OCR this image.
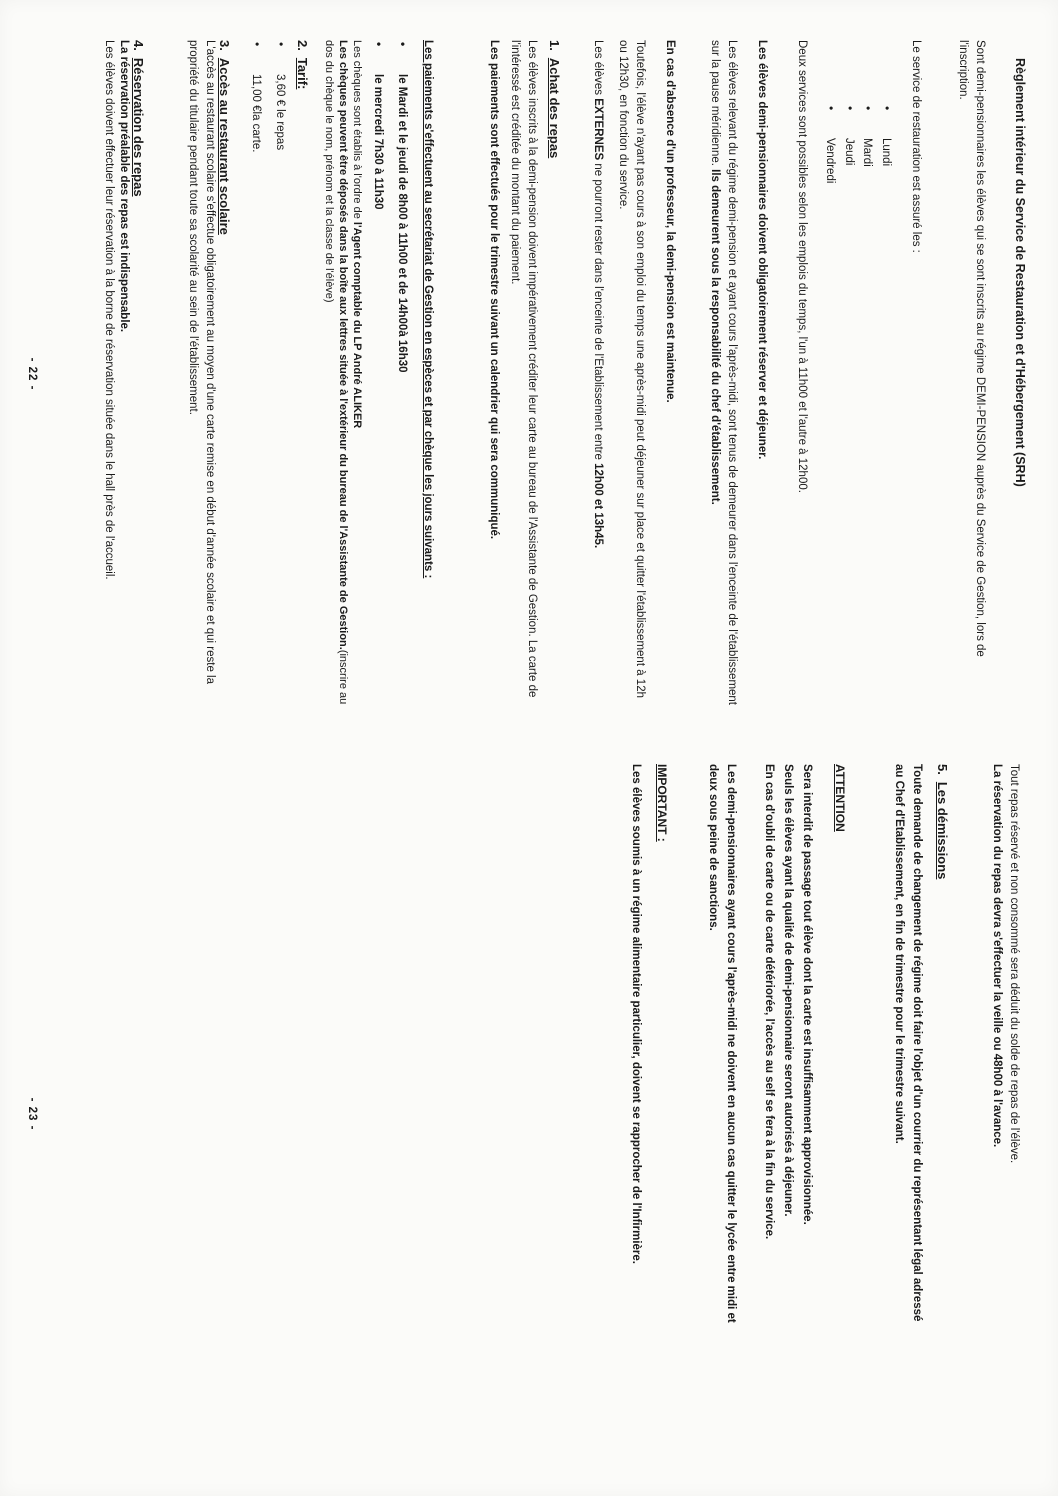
Règlement intérieur du Service de Restauration et d'Hébergement (SRH)

Sont demi-pensionnaires les élèves qui se sont inscrits au régime DEMI-PENSION auprès du Service de Gestion, lors de l'inscription.

Le service de restauration est assuré les :

•
Lundi
•
Mardi
•
Jeudi
•
Vendredi

Deux services sont possibles selon les emplois du temps, l'un à 11h00 et l'autre à 12h00.

Les élèves demi-pensionnaires doivent obligatoirement réserver et déjeuner.

Les élèves relevant du régime demi-pension et ayant cours l'après-midi, sont tenus de demeurer dans l'enceinte de l'établissement sur la pause méridienne. Ils demeurent sous la responsabilité du chef d'établissement.

En cas d'absence d'un professeur, la demi-pension est maintenue.

Toutefois, l'élève n'ayant pas cours à son emploi du temps une après-midi peut déjeuner sur place et quitter l'établissement à 12h ou 12h30, en fonction du service.

Les élèves EXTERNES ne pourront rester dans l'enceinte de l'Etablissement entre 12h00 et 13h45.

1.Achat des repas

Les élèves inscrits à la demi-pension doivent impérativement créditer leur carte au bureau de l'Assistante de Gestion. La carte de l'intéressé est créditée du montant du paiement.

Les paiements sont effectués pour le trimestre suivant un calendrier qui sera communiqué.

Les paiements s'effectuent au secrétariat de Gestion en espèces et par chèque les jours suivants :

•
le Mardi et le jeudi de 8h00 à 11h00 et de 14h00à 16h30
•
le mercredi 7h30 à 11h30

Les chèques sont établis à l'ordre de l'Agent comptable du LP André ALIKER
Les chèques peuvent être déposés dans la boîte aux lettres située à l'extérieur du bureau de l'Assistante de Gestion.(inscrire au dos du chèque le nom, prénom et la classe de l'élève)

2.Tarif:
•
3,60 € le repas
•
11,00 €la carte.
3.Accès au restaurant scolaire

L'accès au restaurant scolaire s'effectue obligatoirement au moyen d'une carte remise en début d'année scolaire et qui reste la propriété du titulaire pendant toute sa scolarité au sein de l'établissement.

4.Réservation des repas

La réservation préalable des repas est indispensable.

Les élèves doivent effectuer leur réservation à la borne de réservation située dans le hall près de l'accueil.

- 22 -

Tout repas réservé et non consommé sera déduit du solde de repas de l'élève.

La réservation du repas devra s'effectuer la veille ou 48h00 à l'avance.

5.Les démissions

Toute demande de changement de régime doit faire l'objet d'un courrier du représentant légal adressé
au Chef d'Etablissement, en fin de trimestre pour le trimestre suivant.

ATTENTION

Sera interdit de passage tout élève dont la carte est insuffisamment approvisionnée.

Seuls les élèves ayant la qualité de demi-pensionnaire seront autorisés à déjeuner.

En cas d'oubli de carte ou de carte détériorée, l'accès au self se fera à la fin du service.

Les demi-pensionnaires ayant cours l'après-midi ne doivent en aucun cas quitter le lycée entre midi et
deux sous peine de sanctions.

IMPORTANT :

Les élèves soumis à un régime alimentaire particulier, doivent se rapprocher de l'Infirmière.

- 23 -
